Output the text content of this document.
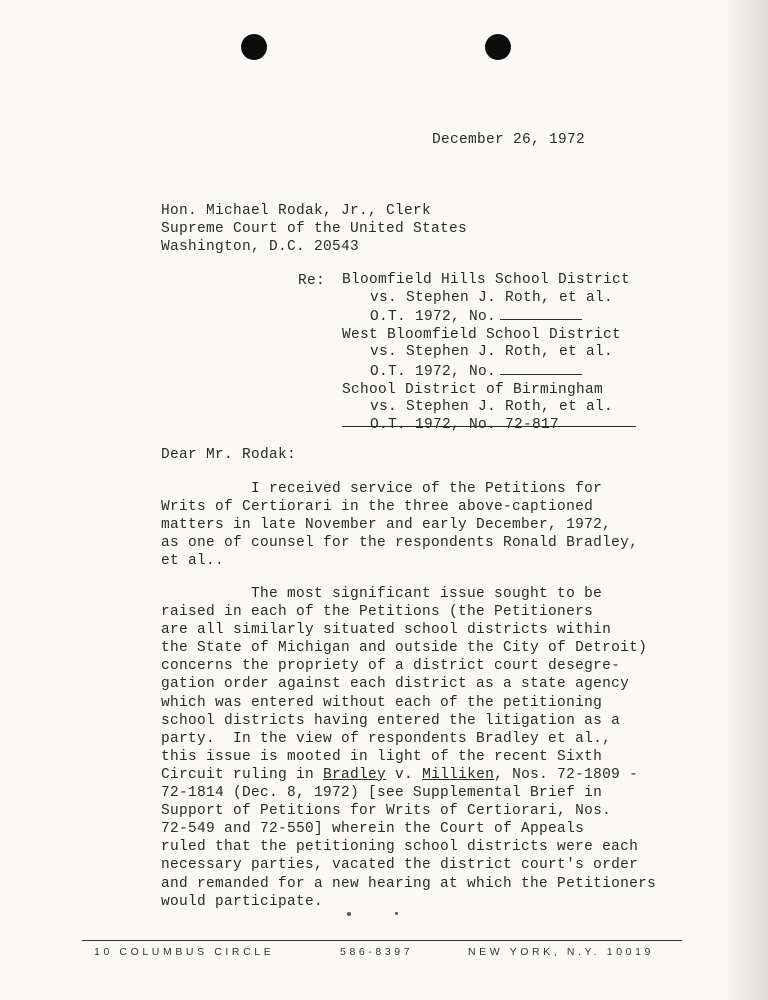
December 26, 1972
Hon. Michael Rodak, Jr., Clerk
Supreme Court of the United States
Washington, D.C. 20543
Re: Bloomfield Hills School District
vs. Stephen J. Roth, et al.
O.T. 1972, No.
West Bloomfield School District
vs. Stephen J. Roth, et al.
O.T. 1972, No.
School District of Birmingham
vs. Stephen J. Roth, et al.
O.T. 1972, No. 72-817
Dear Mr. Rodak:
I received service of the Petitions for
Writs of Certiorari in the three above-captioned
matters in late November and early December, 1972,
as one of counsel for the respondents Ronald Bradley,
et al..
The most significant issue sought to be
raised in each of the Petitions (the Petitioners
are all similarly situated school districts within
the State of Michigan and outside the City of Detroit)
concerns the propriety of a district court desegre-
gation order against each district as a state agency
which was entered without each of the petitioning
school districts having entered the litigation as a
party.  In the view of respondents Bradley et al.,
this issue is mooted in light of the recent Sixth
Circuit ruling in Bradley v. Milliken, Nos. 72-1809 -
72-1814 (Dec. 8, 1972) [see Supplemental Brief in
Support of Petitions for Writs of Certiorari, Nos.
72-549 and 72-550] wherein the Court of Appeals
ruled that the petitioning school districts were each
necessary parties, vacated the district court's order
and remanded for a new hearing at which the Petitioners
would participate.
10 COLUMBUS CIRCLE	586-8397	NEW YORK, N.Y. 10019
